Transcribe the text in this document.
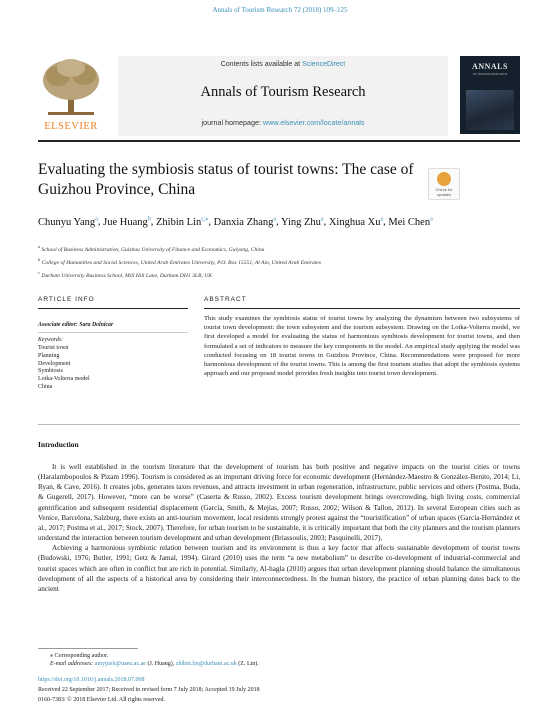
Annals of Tourism Research 72 (2018) 109–125
ELSEVIER
Contents lists available at ScienceDirect
Annals of Tourism Research
journal homepage: www.elsevier.com/locate/annals
ANNALS
OF TOURISM RESEARCH
Evaluating the symbiosis status of tourist towns: The case of Guizhou Province, China	Check for updates
Chunyu Yang$^a$, Jue Huang$^b$, Zhibin Lin$^{c,⁎}$, Danxia Zhang$^a$, Ying Zhu$^a$, Xinghua Xu$^a$, Mei Chen$^a$
$^a$ School of Business Administration, Guizhou University of Finance and Economics, Guiyang, China
$^b$ College of Humanities and Social Sciences, United Arab Emirates University, P.O. Box 15551, Al Ain, United Arab Emirates
$^c$ Durham University Business School, Mill Hill Lane, Durham DH1 3LB, UK
ARTICLE INFO	ABSTRACT
Associate editor: Sara Dolnicar
Keywords:
Tourist town
Planning
Development
Symbiosis
Lotka-Volterra model
China
This study examines the symbiosis status of tourist towns by analyzing the dynamism between two subsystems of tourist town development: the town subsystem and the tourism subsystem. Drawing on the Lotka-Volterra model, we first developed a model for evaluating the status of harmonious symbiosis development for tourist towns, and then formulated a set of indicators to measure the key components in the model. An empirical study applying the model was conducted focusing on 18 tourist towns in Guizhou Province, China. Recommendations were proposed for more harmonious development of the tourist towns. This is among the first tourism studies that adopt the symbiosis systems approach and our proposed model provides fresh insights into tourist town development.
Introduction

It is well established in the tourism literature that the development of tourism has both positive and negative impacts on the tourist cities or towns (Haralambopoulos & Pizam 1996). Tourism is considered as an important driving force for economic development (Hernández-Maestro & González-Benito, 2014; Li, Ryan, & Cave, 2016). It creates jobs, generates taxes revenues, and attracts investment in urban regeneration, infrastructure, public services and others (Postma, Buda, & Gugerell, 2017). However, “more can be worse” (Caserta & Russo, 2002). Excess tourism development brings overcrowding, high living costs, commercial gentrification and subsequent residential displacement (García, Smith, & Mejías, 2007; Russo, 2002; Wilson & Tallon, 2012). In several European cities such as Venice, Barcelona, Salzburg, there exists an anti-tourism movement, local residents strongly protest against the “touristification” of urban spaces (García-Hernández et al., 2017; Postma et al., 2017; Stock, 2007). Therefore, for urban tourism to be sustainable, it is critically important that both the city planners and the tourism planners understand the interaction between tourism development and urban development (Briassoulis, 2003; Pasquinelli, 2017).

Achieving a harmonious symbiotic relation between tourism and its environment is thus a key factor that affects sustainable development of tourist towns (Budowski, 1976; Butler, 1991; Getz & Jamal, 1994). Girard (2010) uses the term “a new metabolism” to describe co-development of industrial-commercial and tourist spaces which are often in conflict but are rich in potential. Similarly, Al-hagla (2010) argues that urban development planning should balance the simultaneous development of all the aspects of a historical area by considering their interconnectedness. In the human history, the practice of urban planning dates back to the ancient

⁎ Corresponding author.
E-mail addresses: amyjueh@uaeu.ac.ae (J. Huang), zhibin.lin@durham.ac.uk (Z. Lin).
https://doi.org/10.1016/j.annals.2018.07.008
Received 22 September 2017; Received in revised form 7 July 2018; Accepted 19 July 2018
0160-7383/ © 2018 Elsevier Ltd. All rights reserved.
